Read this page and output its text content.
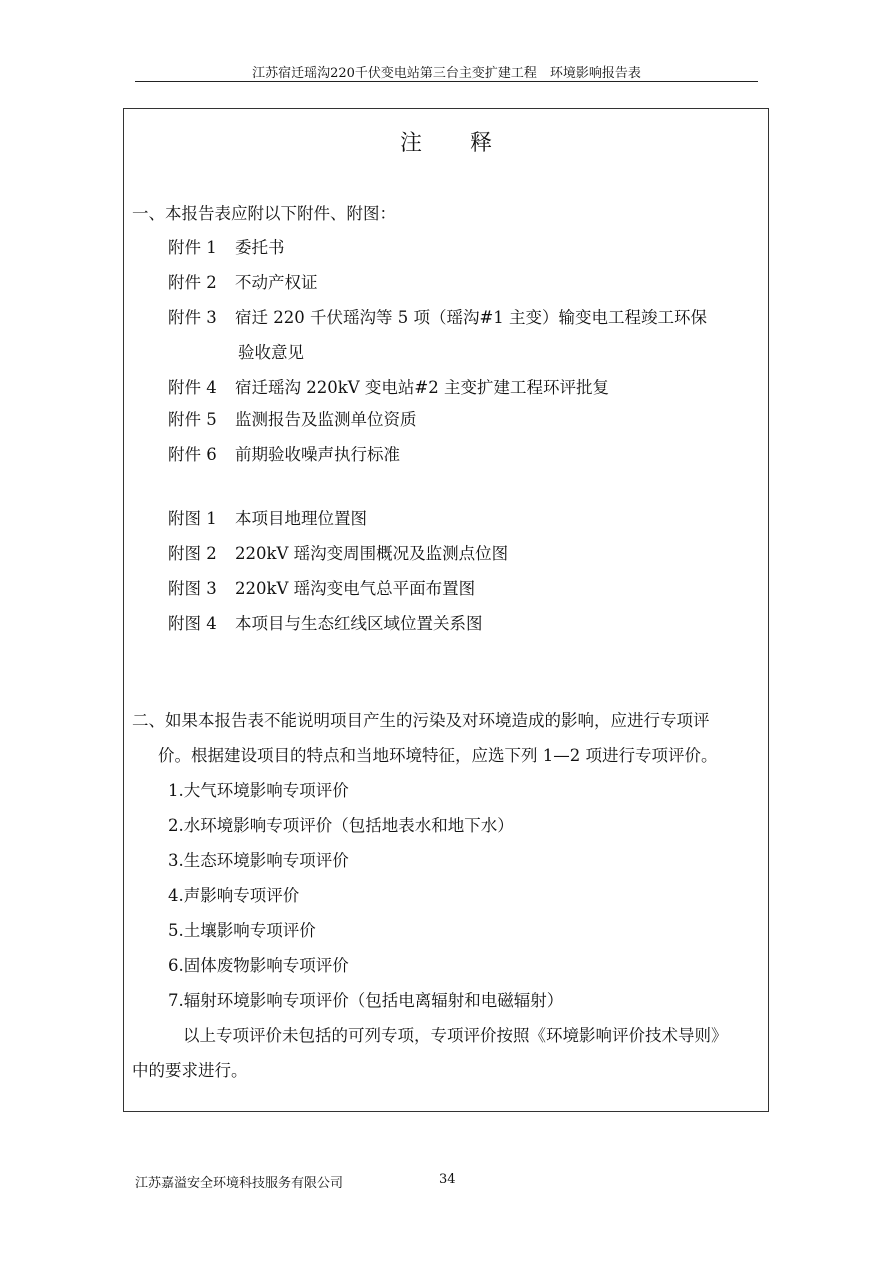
江苏宿迁瑶沟220千伏变电站第三台主变扩建工程　环境影响报告表
注释
一、本报告表应附以下附件、附图：
附件 1 委托书
附件 2 不动产权证
附件 3 宿迁 220 千伏瑶沟等 5 项（瑶沟#1 主变）输变电工程竣工环保
验收意见
附件 4 宿迁瑶沟 220kV 变电站#2 主变扩建工程环评批复
附件 5 监测报告及监测单位资质
附件 6 前期验收噪声执行标准
附图 1 本项目地理位置图
附图 2 220kV 瑶沟变周围概况及监测点位图
附图 3 220kV 瑶沟变电气总平面布置图
附图 4 本项目与生态红线区域位置关系图
二、如果本报告表不能说明项目产生的污染及对环境造成的影响，应进行专项评
价。根据建设项目的特点和当地环境特征，应选下列 1—2 项进行专项评价。
1.大气环境影响专项评价
2.水环境影响专项评价（包括地表水和地下水）
3.生态环境影响专项评价
4.声影响专项评价
5.土壤影响专项评价
6.固体废物影响专项评价
7.辐射环境影响专项评价（包括电离辐射和电磁辐射）
以上专项评价未包括的可列专项，专项评价按照《环境影响评价技术导则》
中的要求进行。
江苏嘉溢安全环境科技服务有限公司	34
